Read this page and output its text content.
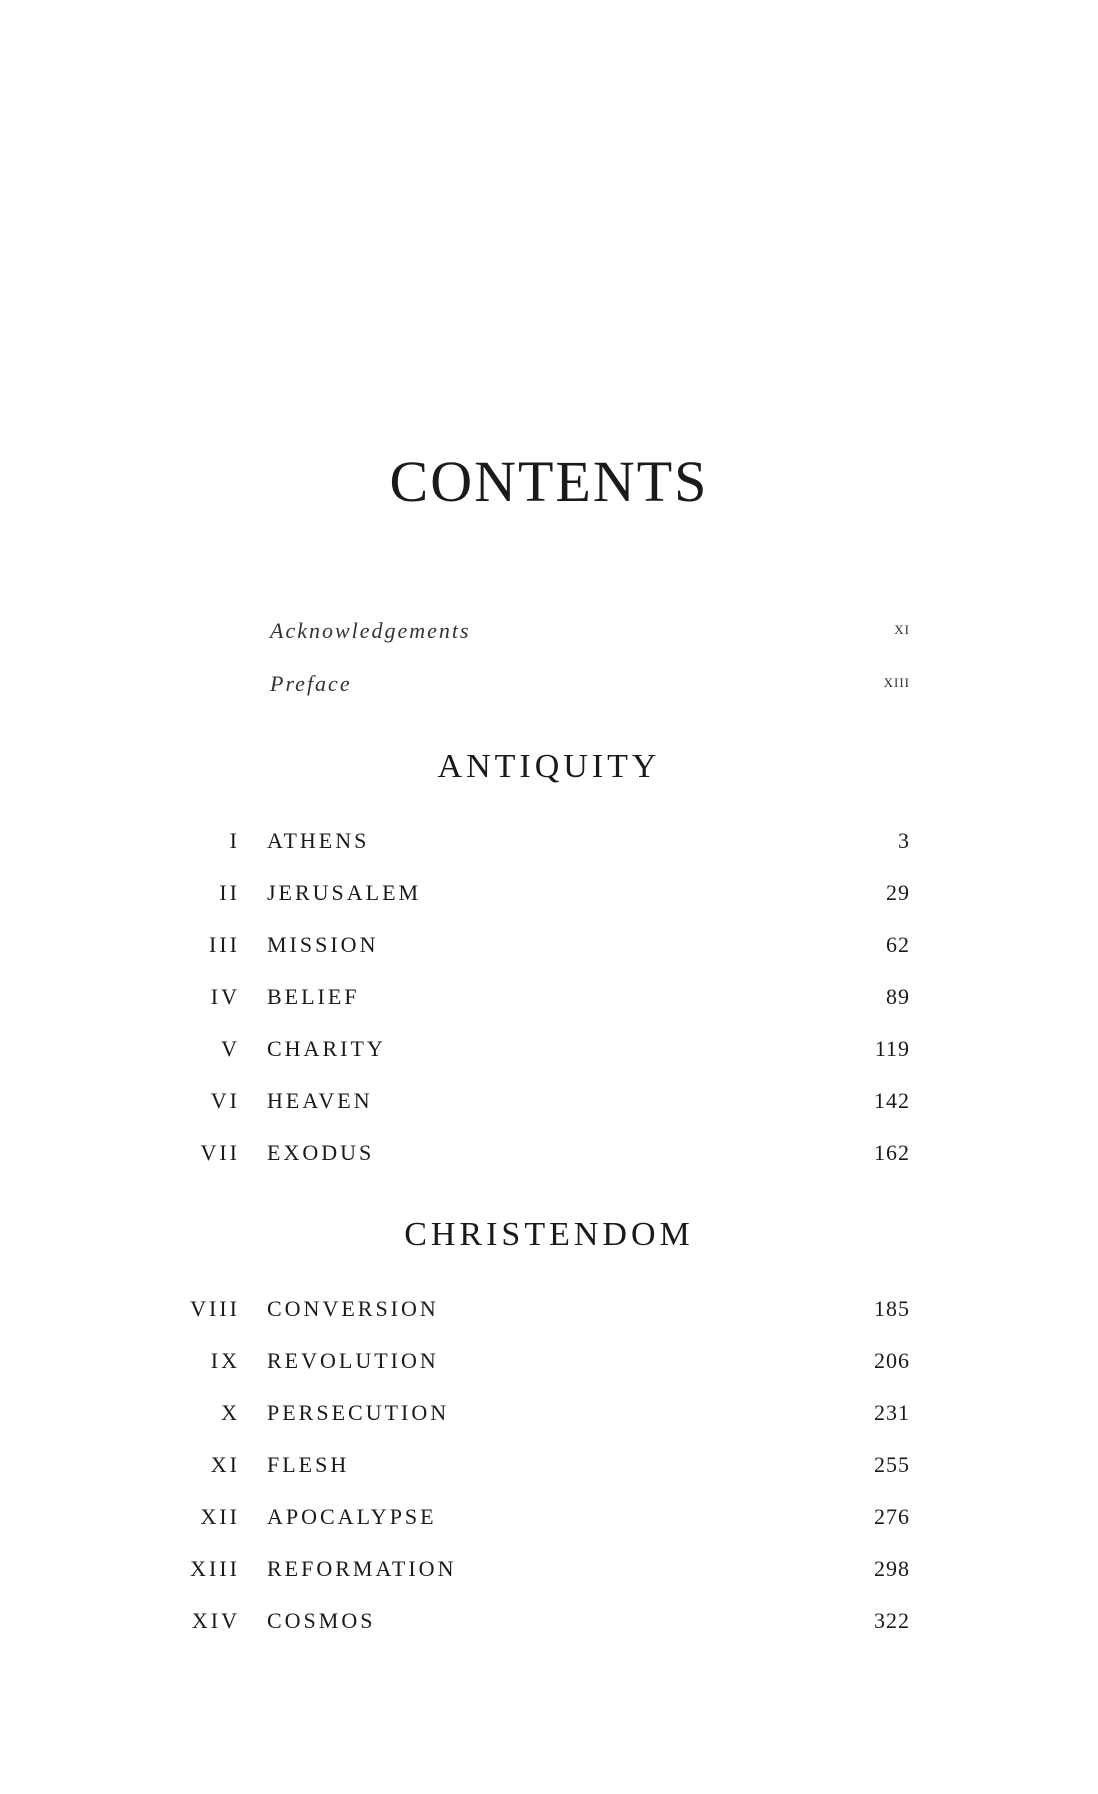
CONTENTS
Acknowledgements	xi
Preface	xiii
ANTIQUITY
I ATHENS	3
II JERUSALEM	29
III MISSION	62
IV BELIEF	89
V CHARITY	119
VI HEAVEN	142
VII EXODUS	162
CHRISTENDOM
VIII CONVERSION	185
IX REVOLUTION	206
X PERSECUTION	231
XI FLESH	255
XII APOCALYPSE	276
XIII REFORMATION	298
XIV COSMOS	322
